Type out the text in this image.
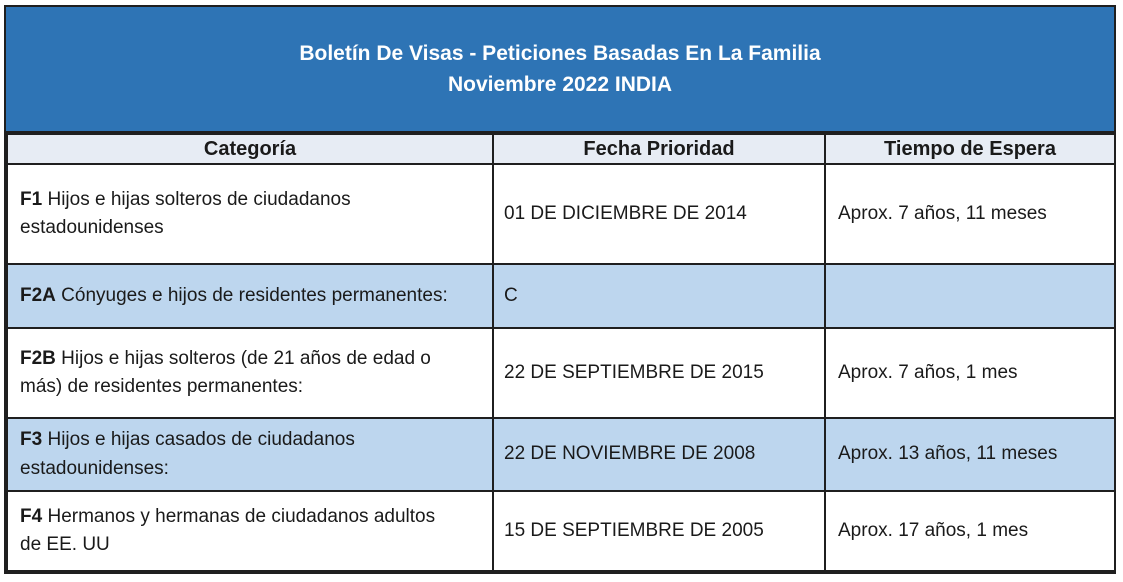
Boletín De Visas - Peticiones Basadas En La Familia
Noviembre 2022 INDIA
Categoría	Fecha Prioridad	Tiempo de Espera
F1 Hijos e hijas solteros de ciudadanos estadounidenses	01 DE DICIEMBRE DE 2014	Aprox. 7 años, 11 meses
F2A Cónyuges e hijos de residentes permanentes:	C	
F2B Hijos e hijas solteros (de 21 años de edad o más) de residentes permanentes:	22 DE SEPTIEMBRE DE 2015	Aprox. 7 años, 1 mes
F3 Hijos e hijas casados de ciudadanos estadounidenses:	22 DE NOVIEMBRE DE 2008	Aprox. 13 años, 11 meses
F4 Hermanos y hermanas de ciudadanos adultos de EE. UU	15 DE SEPTIEMBRE DE 2005	Aprox. 17 años, 1 mes
